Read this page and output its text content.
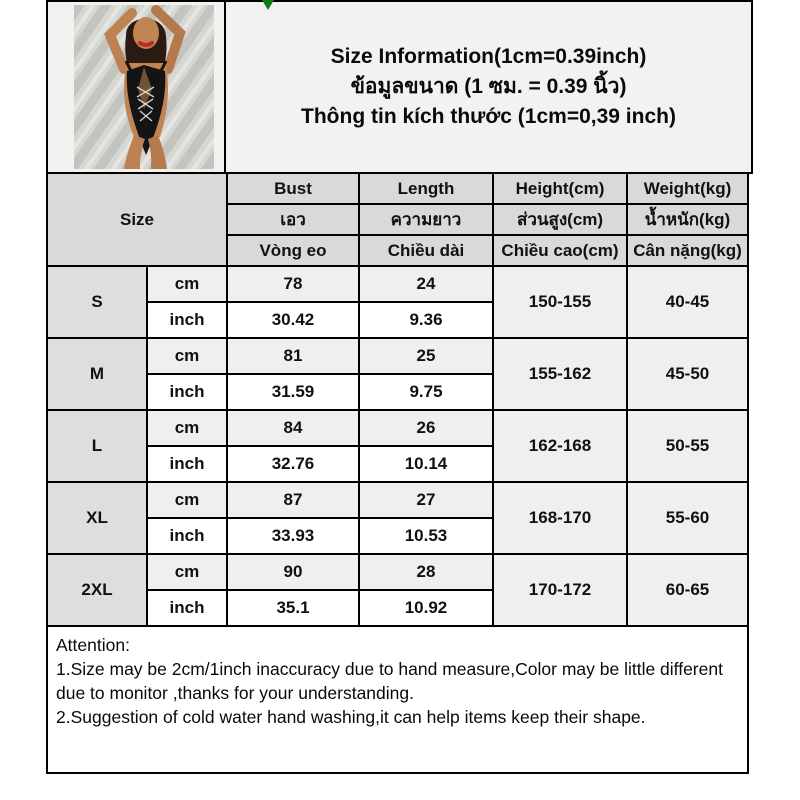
Size Information(1cm=0.39inch)
ข้อมูลขนาด (1 ซม. = 0.39 นิ้ว)
Thông tin kích thước (1cm=0,39 inch)
Size		Bust	Length	Height(cm)	Weight(kg)
		เอว	ความยาว	ส่วนสูง(cm)	น้ำหนัก(kg)
		Vòng eo	Chiều dài	Chiều cao(cm)	Cân nặng(kg)
S	cm	78	24	150-155	40-45
	inch	30.42	9.36		
M	cm	81	25	155-162	45-50
	inch	31.59	9.75		
L	cm	84	26	162-168	50-55
	inch	32.76	10.14		
XL	cm	87	27	168-170	55-60
	inch	33.93	10.53		
2XL	cm	90	28	170-172	60-65
	inch	35.1	10.92		

Attention:

1.Size may be 2cm/1inch inaccuracy due to hand measure,Color may be little different due to monitor ,thanks for your understanding.

2.Suggestion of cold water hand washing,it can help items keep their shape.
